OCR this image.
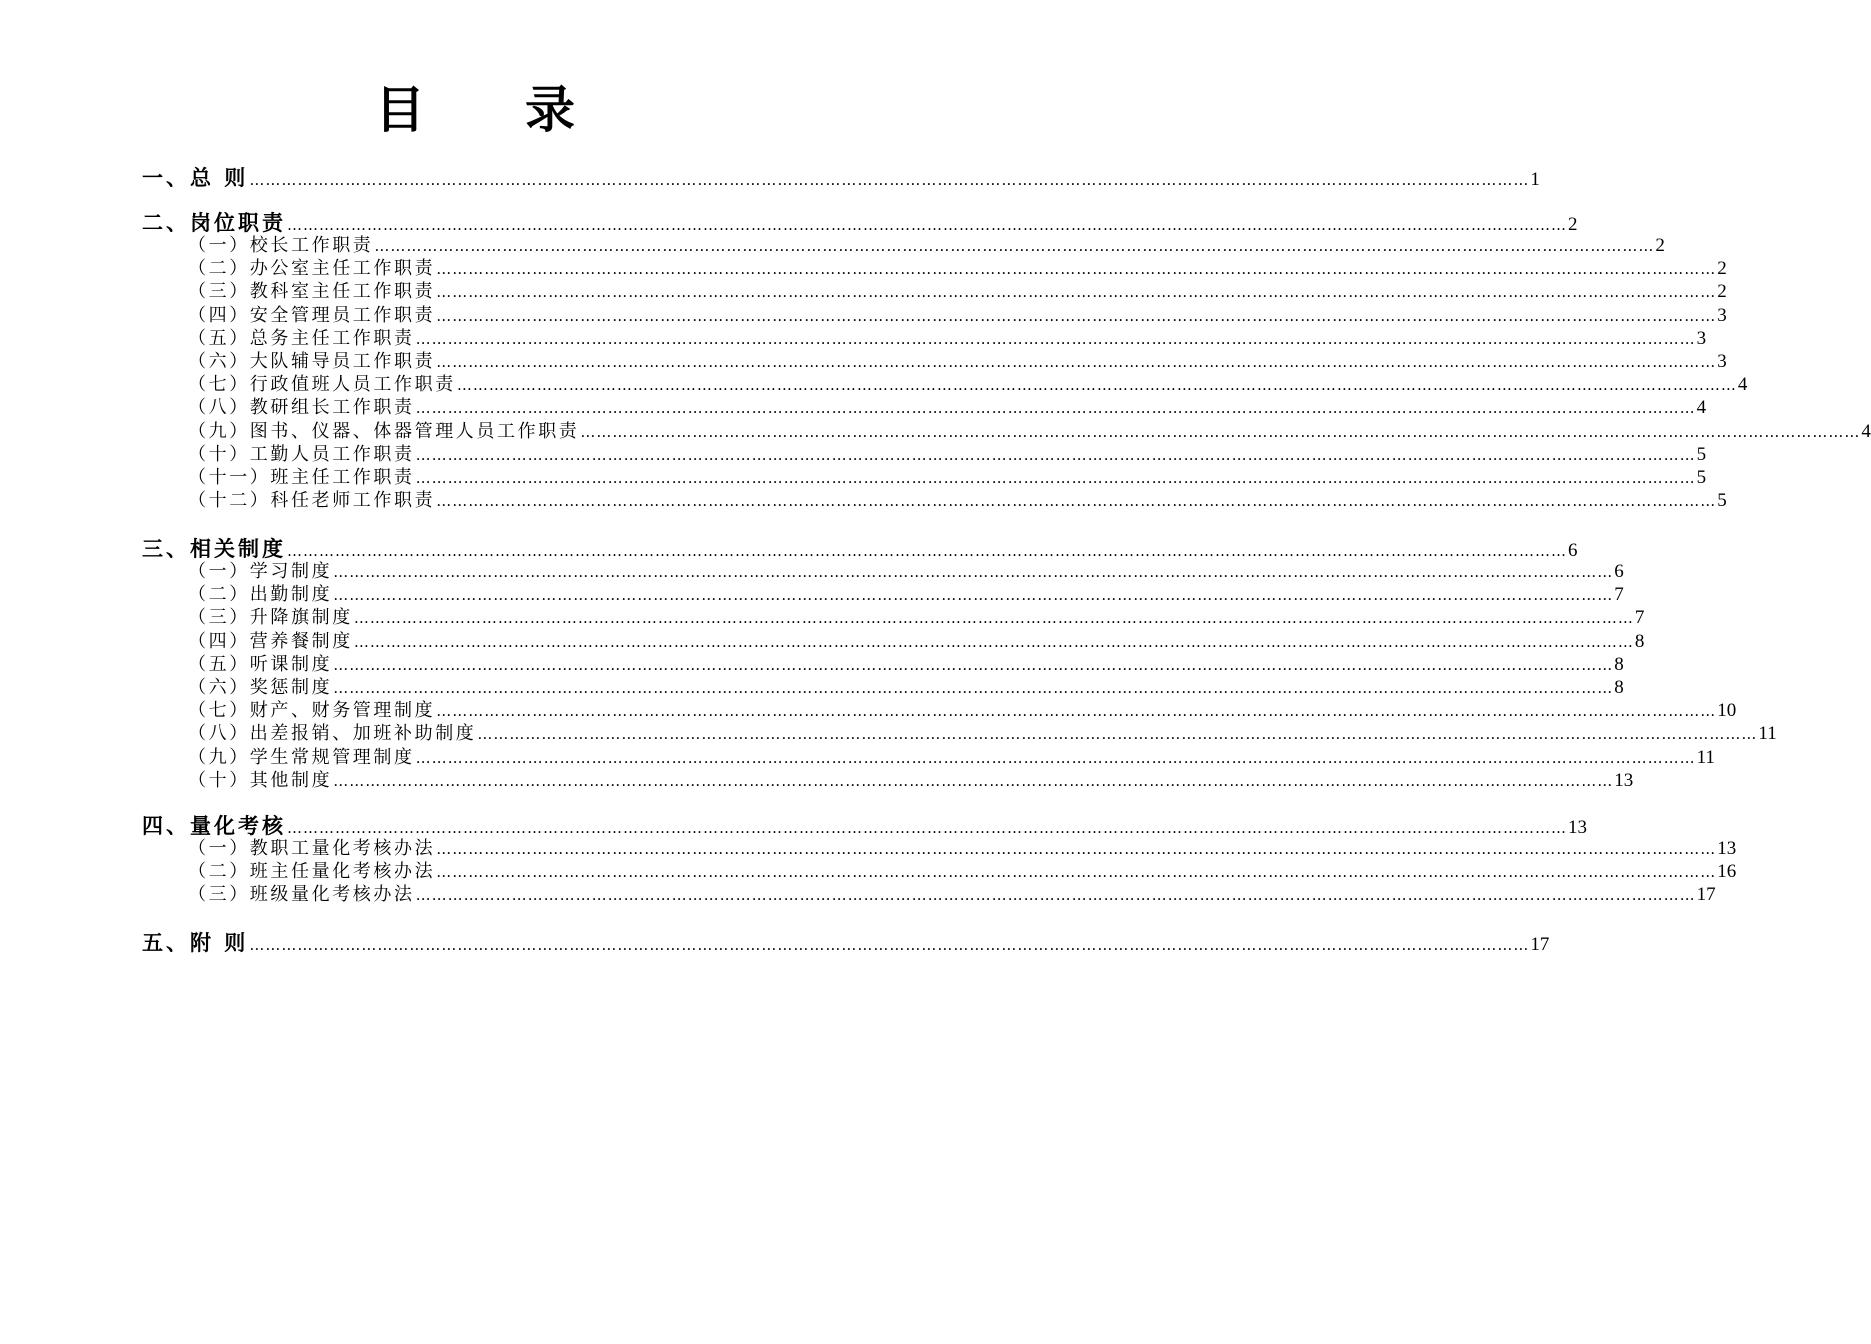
目 录
一、总 则 …………………………………………………………………………………………………………………………………………………………………………………………………………………… 1
二、岗位职责 …………………………………………………………………………………………………………………………………………………………………………………………………………………… 2
（一）校长工作职责 …………………………………………………………………………………………………………………………………………………………………………………………………………………… 2
（二）办公室主任工作职责 …………………………………………………………………………………………………………………………………………………………………………………………………………………… 2
（三）教科室主任工作职责 …………………………………………………………………………………………………………………………………………………………………………………………………………………… 2
（四）安全管理员工作职责 …………………………………………………………………………………………………………………………………………………………………………………………………………………… 3
（五）总务主任工作职责 …………………………………………………………………………………………………………………………………………………………………………………………………………………… 3
（六）大队辅导员工作职责 …………………………………………………………………………………………………………………………………………………………………………………………………………………… 3
（七）行政值班人员工作职责 …………………………………………………………………………………………………………………………………………………………………………………………………………………… 4
（八）教研组长工作职责 …………………………………………………………………………………………………………………………………………………………………………………………………………………… 4
（九）图书、仪器、体器管理人员工作职责 …………………………………………………………………………………………………………………………………………………………………………………………………………………… 4
（十）工勤人员工作职责 …………………………………………………………………………………………………………………………………………………………………………………………………………………… 5
（十一）班主任工作职责 …………………………………………………………………………………………………………………………………………………………………………………………………………………… 5
（十二）科任老师工作职责 …………………………………………………………………………………………………………………………………………………………………………………………………………………… 5
三、相关制度 …………………………………………………………………………………………………………………………………………………………………………………………………………………… 6
（一）学习制度 …………………………………………………………………………………………………………………………………………………………………………………………………………………… 6
（二）出勤制度 …………………………………………………………………………………………………………………………………………………………………………………………………………………… 7
（三）升降旗制度 …………………………………………………………………………………………………………………………………………………………………………………………………………………… 7
（四）营养餐制度 …………………………………………………………………………………………………………………………………………………………………………………………………………………… 8
（五）听课制度 …………………………………………………………………………………………………………………………………………………………………………………………………………………… 8
（六）奖惩制度 …………………………………………………………………………………………………………………………………………………………………………………………………………………… 8
（七）财产、财务管理制度 …………………………………………………………………………………………………………………………………………………………………………………………………………………… 10
（八）出差报销、加班补助制度 …………………………………………………………………………………………………………………………………………………………………………………………………………………… 11
（九）学生常规管理制度 …………………………………………………………………………………………………………………………………………………………………………………………………………………… 11
（十）其他制度 …………………………………………………………………………………………………………………………………………………………………………………………………………………… 13
四、量化考核 …………………………………………………………………………………………………………………………………………………………………………………………………………………… 13
（一）教职工量化考核办法 …………………………………………………………………………………………………………………………………………………………………………………………………………………… 13
（二）班主任量化考核办法 …………………………………………………………………………………………………………………………………………………………………………………………………………………… 16
（三）班级量化考核办法 …………………………………………………………………………………………………………………………………………………………………………………………………………………… 17
五、附 则 …………………………………………………………………………………………………………………………………………………………………………………………………………………… 17
